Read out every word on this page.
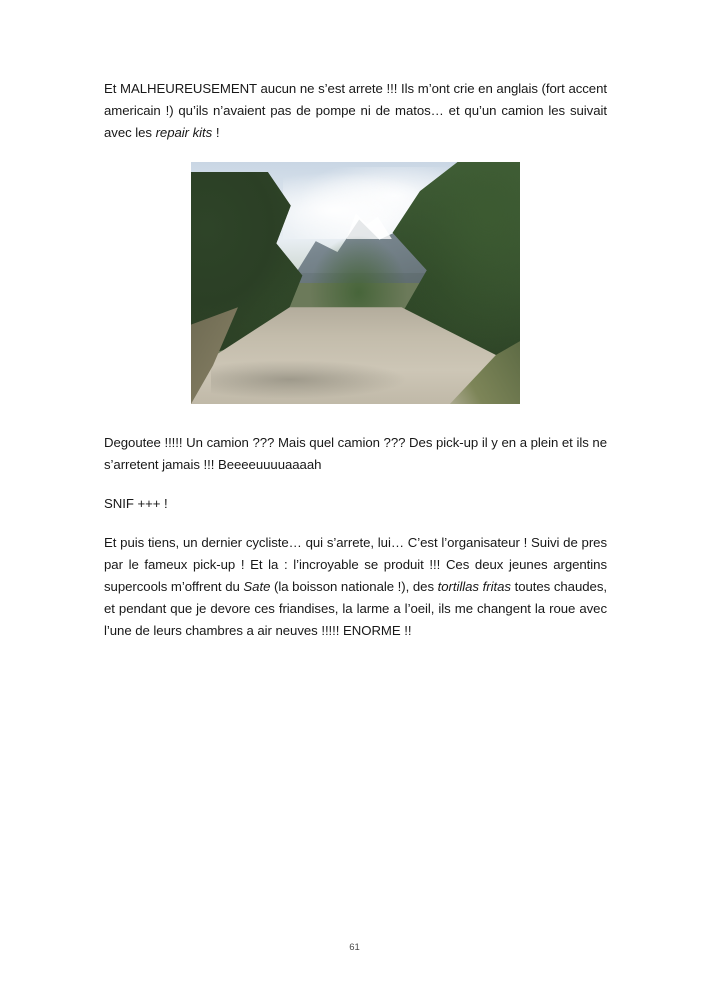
Et MALHEUREUSEMENT aucun ne s’est arrete !!! Ils m’ont crie en anglais (fort accent americain !) qu’ils n’avaient pas de pompe ni de matos… et qu’un camion les suivait avec les repair kits !

Degoutee !!!!! Un camion ??? Mais quel camion ??? Des pick-up il y en a plein et ils ne s’arretent jamais !!! Beeeeuuuuaaaah

SNIF +++ !

Et puis tiens, un dernier cycliste… qui s’arrete, lui… C’est l’organisateur ! Suivi de pres par le fameux pick-up ! Et la : l’incroyable se produit !!! Ces deux jeunes argentins supercools m’offrent du Sate (la boisson nationale !), des tortillas fritas toutes chaudes, et pendant que je devore ces friandises, la larme a l’oeil, ils me changent la roue avec l’une de leurs chambres a air neuves !!!!! ENORME !!

61
